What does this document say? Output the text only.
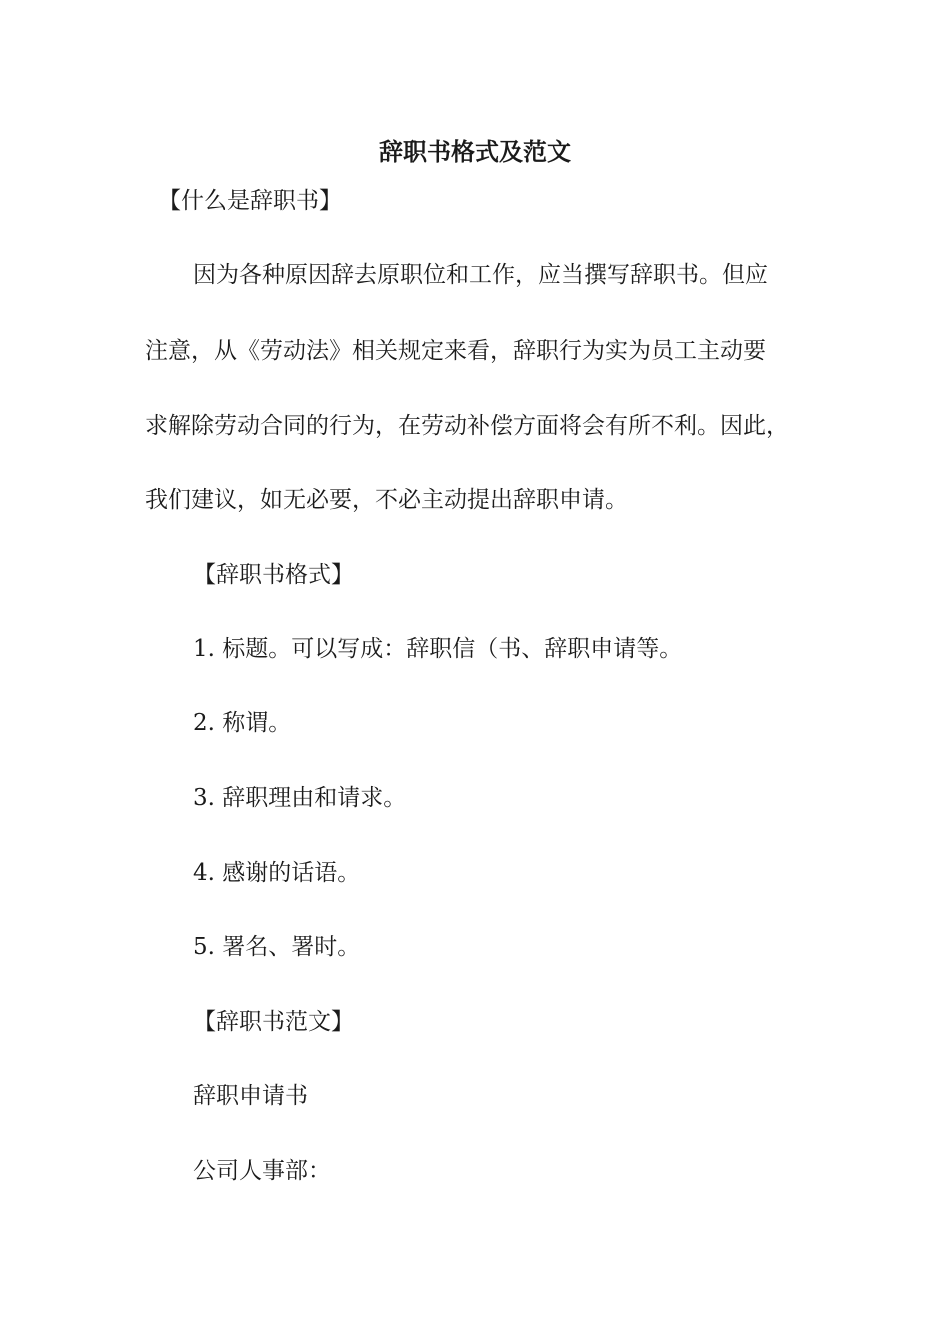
辞职书格式及范文

【什么是辞职书】

因为各种原因辞去原职位和工作，应当撰写辞职书。但应

注意，从《劳动法》相关规定来看，辞职行为实为员工主动要

求解除劳动合同的行为，在劳动补偿方面将会有所不利。因此，

我们建议，如无必要，不必主动提出辞职申请。

【辞职书格式】

1. 标题。可以写成：辞职信（书、辞职申请等。

2. 称谓。

3. 辞职理由和请求。

4. 感谢的话语。

5. 署名、署时。

【辞职书范文】

辞职申请书

公司人事部：
